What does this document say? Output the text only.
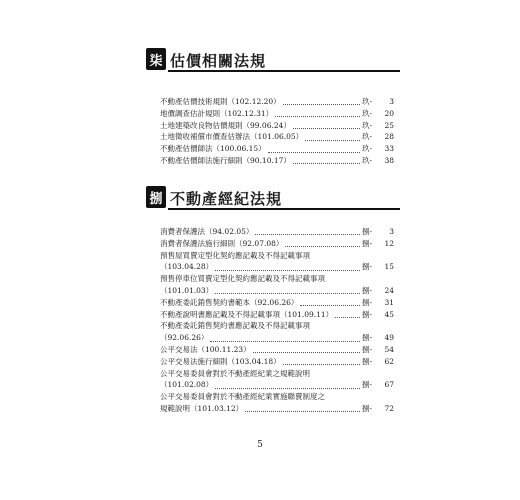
柒 估價相關法規
不動產估價技術規則（102.12.20）	玖-	3
地價調查估計規則（102.12.31）	玖-	20
土地建築改良物估價規則（99.06.24）	玖-	25
土地徵收補償市價查估辦法（101.06.05）	玖-	28
不動產估價師法（100.06.15）	玖-	33
不動產估價師法施行細則（90.10.17）	玖-	38
捌 不動產經紀法規
消費者保護法（94.02.05）	捌-	3
消費者保護法施行細則（92.07.08）	捌-	12
預售屋買賣定型化契約應記載及不得記載事項
（103.04.28）	捌-	15
預售停車位買賣定型化契約應記載及不得記載事項
（101.01.03）	捌-	24
不動產委託銷售契約書範本（92.06.26）	捌-	31
不動產說明書應記載及不得記載事項（101.09.11）	捌-	45
不動產委託銷售契約書應記載及不得記載事項
（92.06.26）	捌-	49
公平交易法（100.11.23）	捌-	54
公平交易法施行細則（103.04.18）	捌-	62
公平交易委員會對於不動產經紀業之規範說明
（101.02.08）	捌-	67
公平交易委員會對於不動產經紀業實施聯賣制度之
規範說明（101.03.12）	捌-	72
5
